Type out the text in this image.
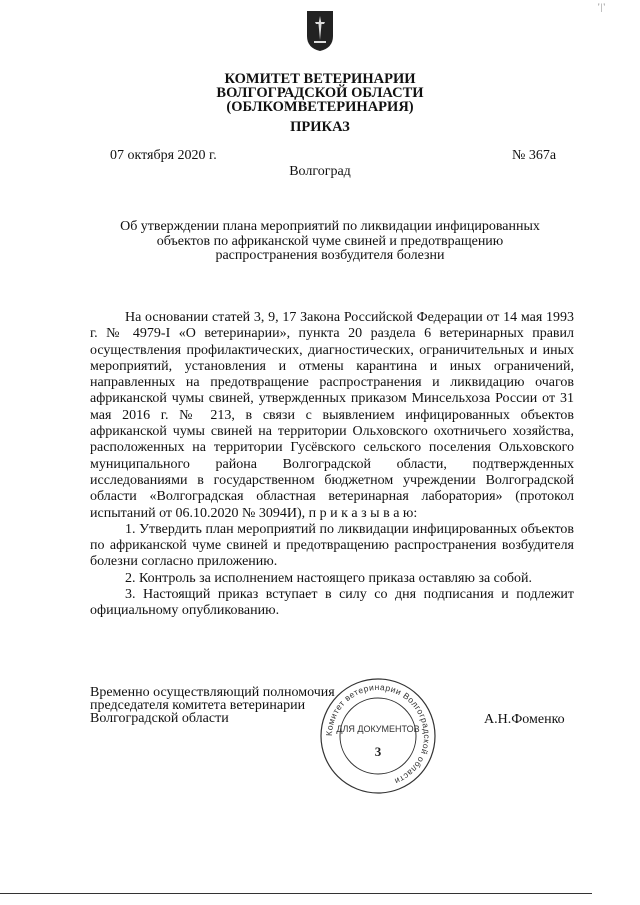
'|'
КОМИТЕТ ВЕТЕРИНАРИИ
ВОЛГОГРАДСКОЙ ОБЛАСТИ
(ОБЛКОМВЕТЕРИНАРИЯ)
ПРИКАЗ
07 октября 2020 г.	№ 367а
Волгоград
Об утверждении плана мероприятий по ликвидации инфицированных
объектов по африканской чуме свиней и предотвращению
распространения возбудителя болезни

На основании статей 3, 9, 17 Закона Российской Федерации от 14 мая 1993 г. № 4979-I «О ветеринарии», пункта 20 раздела 6 ветеринарных правил осуществления профилактических, диагностических, ограничительных и иных мероприятий, установления и отмены карантина и иных ограничений, направленных на предотвращение распространения и ликвидацию очагов африканской чумы свиней, утвержденных приказом Минсельхоза России от 31 мая 2016 г. № 213, в связи с выявлением инфицированных объектов африканской чумы свиней на территории Ольховского охотничьего хозяйства, расположенных на территории Гусёвского сельского поселения Ольховского муниципального района Волгоградской области, подтвержденных исследованиями в государственном бюджетном учреждении Волгоградской области «Волгоградская областная ветеринарная лаборатория» (протокол испытаний от 06.10.2020 № 3094И), п р и к а з ы в а ю:

1. Утвердить план мероприятий по ликвидации инфицированных объектов по африканской чуме свиней и предотвращению распространения возбудителя болезни согласно приложению.

2. Контроль за исполнением настоящего приказа оставляю за собой.

3. Настоящий приказ вступает в силу со дня подписания и подлежит официальному опубликованию.

Временно осуществляющий полномочия
председателя комитета ветеринарии
Волгоградской области
Комитет ветеринарии Волгоградской области
ДЛЯ ДОКУМЕНТОВ
3
А.Н.Фоменко
